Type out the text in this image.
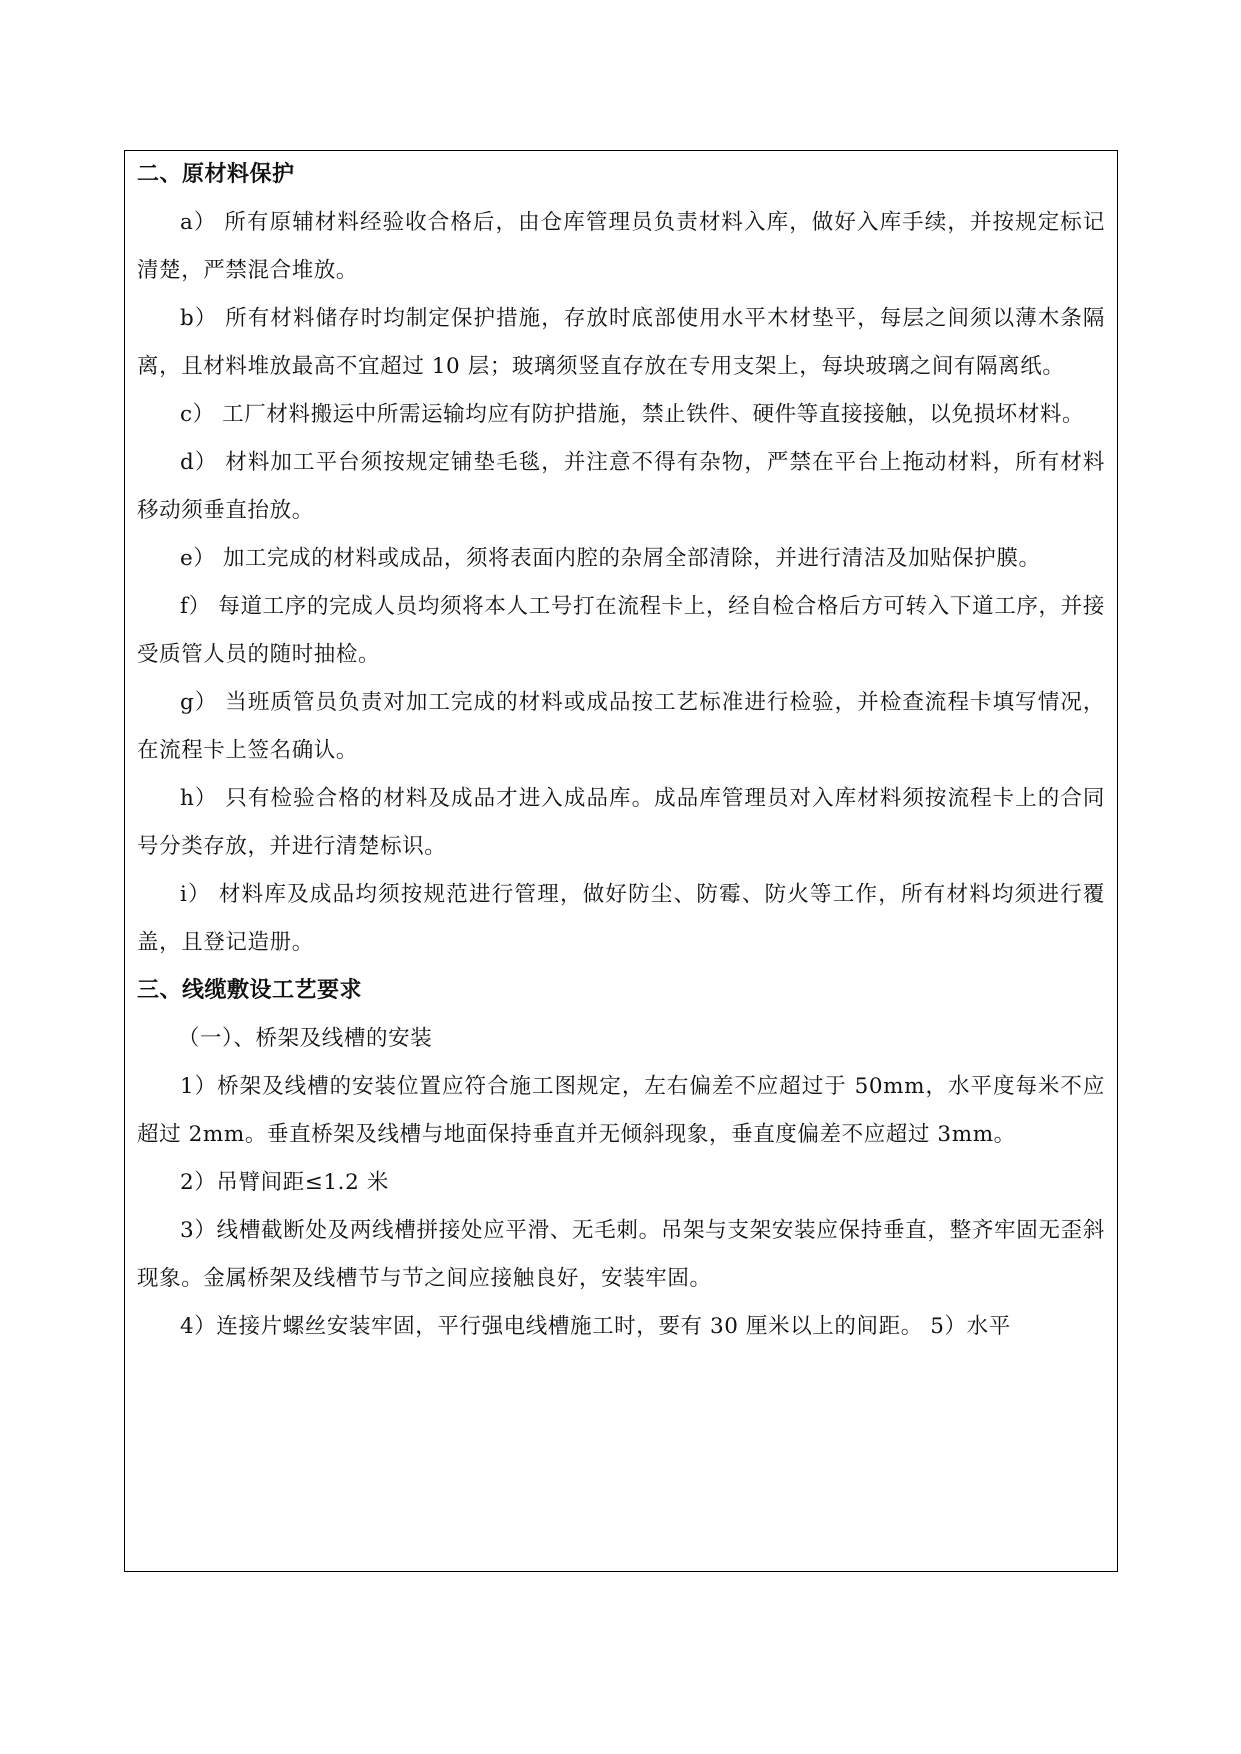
二、原材料保护

a） 所有原辅材料经验收合格后，由仓库管理员负责材料入库，做好入库手续，并按规定标记清楚，严禁混合堆放。

b） 所有材料储存时均制定保护措施，存放时底部使用水平木材垫平，每层之间须以薄木条隔离，且材料堆放最高不宜超过 10 层；玻璃须竖直存放在专用支架上，每块玻璃之间有隔离纸。

c） 工厂材料搬运中所需运输均应有防护措施，禁止铁件、硬件等直接接触，以免损坏材料。

d） 材料加工平台须按规定铺垫毛毯，并注意不得有杂物，严禁在平台上拖动材料，所有材料移动须垂直抬放。

e） 加工完成的材料或成品，须将表面内腔的杂屑全部清除，并进行清洁及加贴保护膜。

f） 每道工序的完成人员均须将本人工号打在流程卡上，经自检合格后方可转入下道工序，并接受质管人员的随时抽检。

g） 当班质管员负责对加工完成的材料或成品按工艺标准进行检验，并检查流程卡填写情况，在流程卡上签名确认。

h） 只有检验合格的材料及成品才进入成品库。成品库管理员对入库材料须按流程卡上的合同号分类存放，并进行清楚标识。

i） 材料库及成品均须按规范进行管理，做好防尘、防霉、防火等工作，所有材料均须进行覆盖，且登记造册。

三、线缆敷设工艺要求
（一）、桥架及线槽的安装

1）桥架及线槽的安装位置应符合施工图规定，左右偏差不应超过于 50mm，水平度每米不应超过 2mm。垂直桥架及线槽与地面保持垂直并无倾斜现象，垂直度偏差不应超过 3mm。

2）吊臂间距≤1.2 米

3）线槽截断处及两线槽拼接处应平滑、无毛刺。吊架与支架安装应保持垂直，整齐牢固无歪斜现象。金属桥架及线槽节与节之间应接触良好，安装牢固。

4）连接片螺丝安装牢固，平行强电线槽施工时，要有 30 厘米以上的间距。 5）水平
